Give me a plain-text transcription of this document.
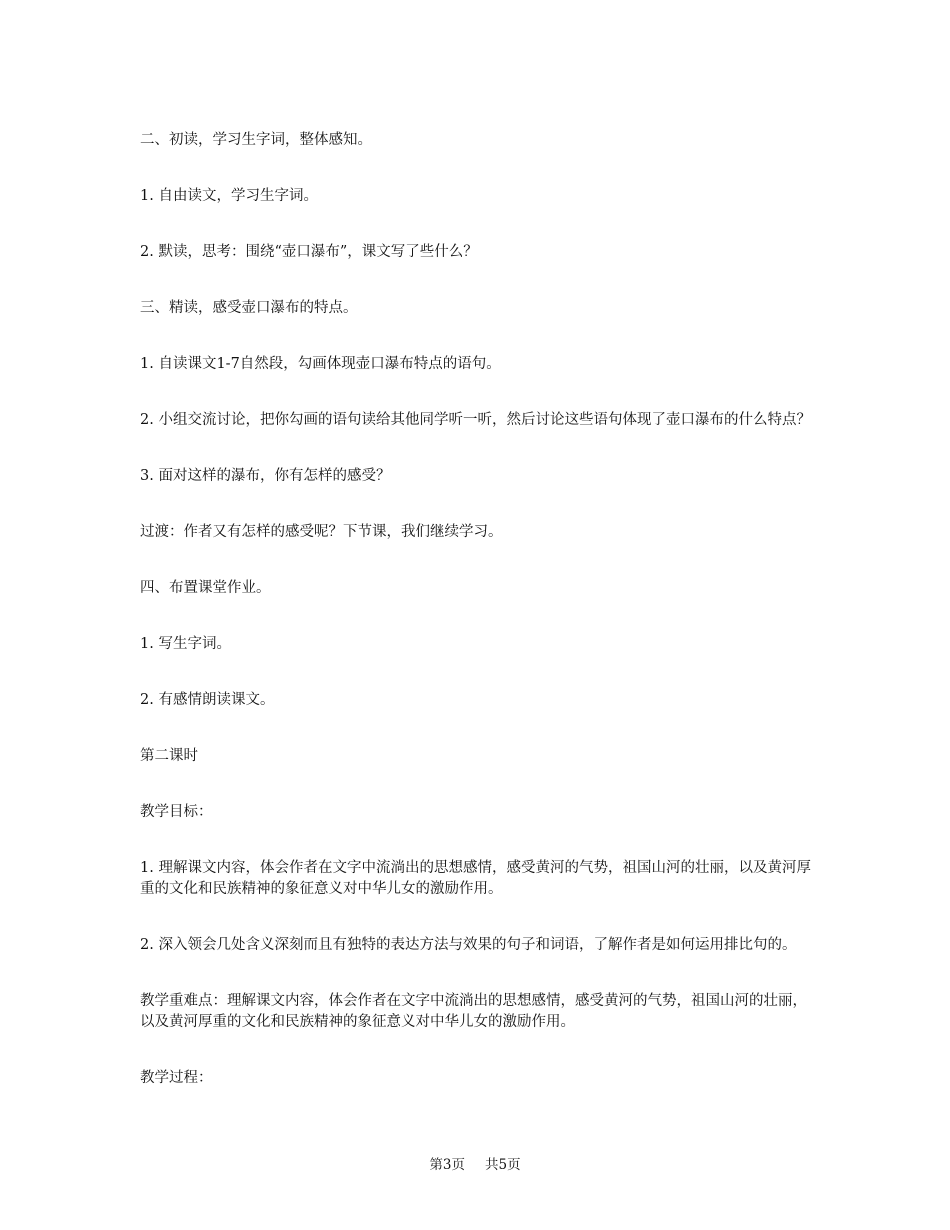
二、初读，学习生字词，整体感知。

1. 自由读文，学习生字词。

2. 默读，思考：围绕“壶口瀑布”，课文写了些什么？

三、精读，感受壶口瀑布的特点。

1. 自读课文1-7自然段，勾画体现壶口瀑布特点的语句。

2. 小组交流讨论，把你勾画的语句读给其他同学听一听，然后讨论这些语句体现了壶口瀑布的什么特点？

3. 面对这样的瀑布，你有怎样的感受？

过渡：作者又有怎样的感受呢？下节课，我们继续学习。

四、布置课堂作业。

1. 写生字词。

2. 有感情朗读课文。

第二课时

教学目标：

1. 理解课文内容，体会作者在文字中流淌出的思想感情，感受黄河的气势，祖国山河的壮丽，以及黄河厚重的文化和民族精神的象征意义对中华儿女的激励作用。

2. 深入领会几处含义深刻而且有独特的表达方法与效果的句子和词语，了解作者是如何运用排比句的。

教学重难点：理解课文内容，体会作者在文字中流淌出的思想感情，感受黄河的气势，祖国山河的壮丽，以及黄河厚重的文化和民族精神的象征意义对中华儿女的激励作用。

教学过程：

第3页 共5页
